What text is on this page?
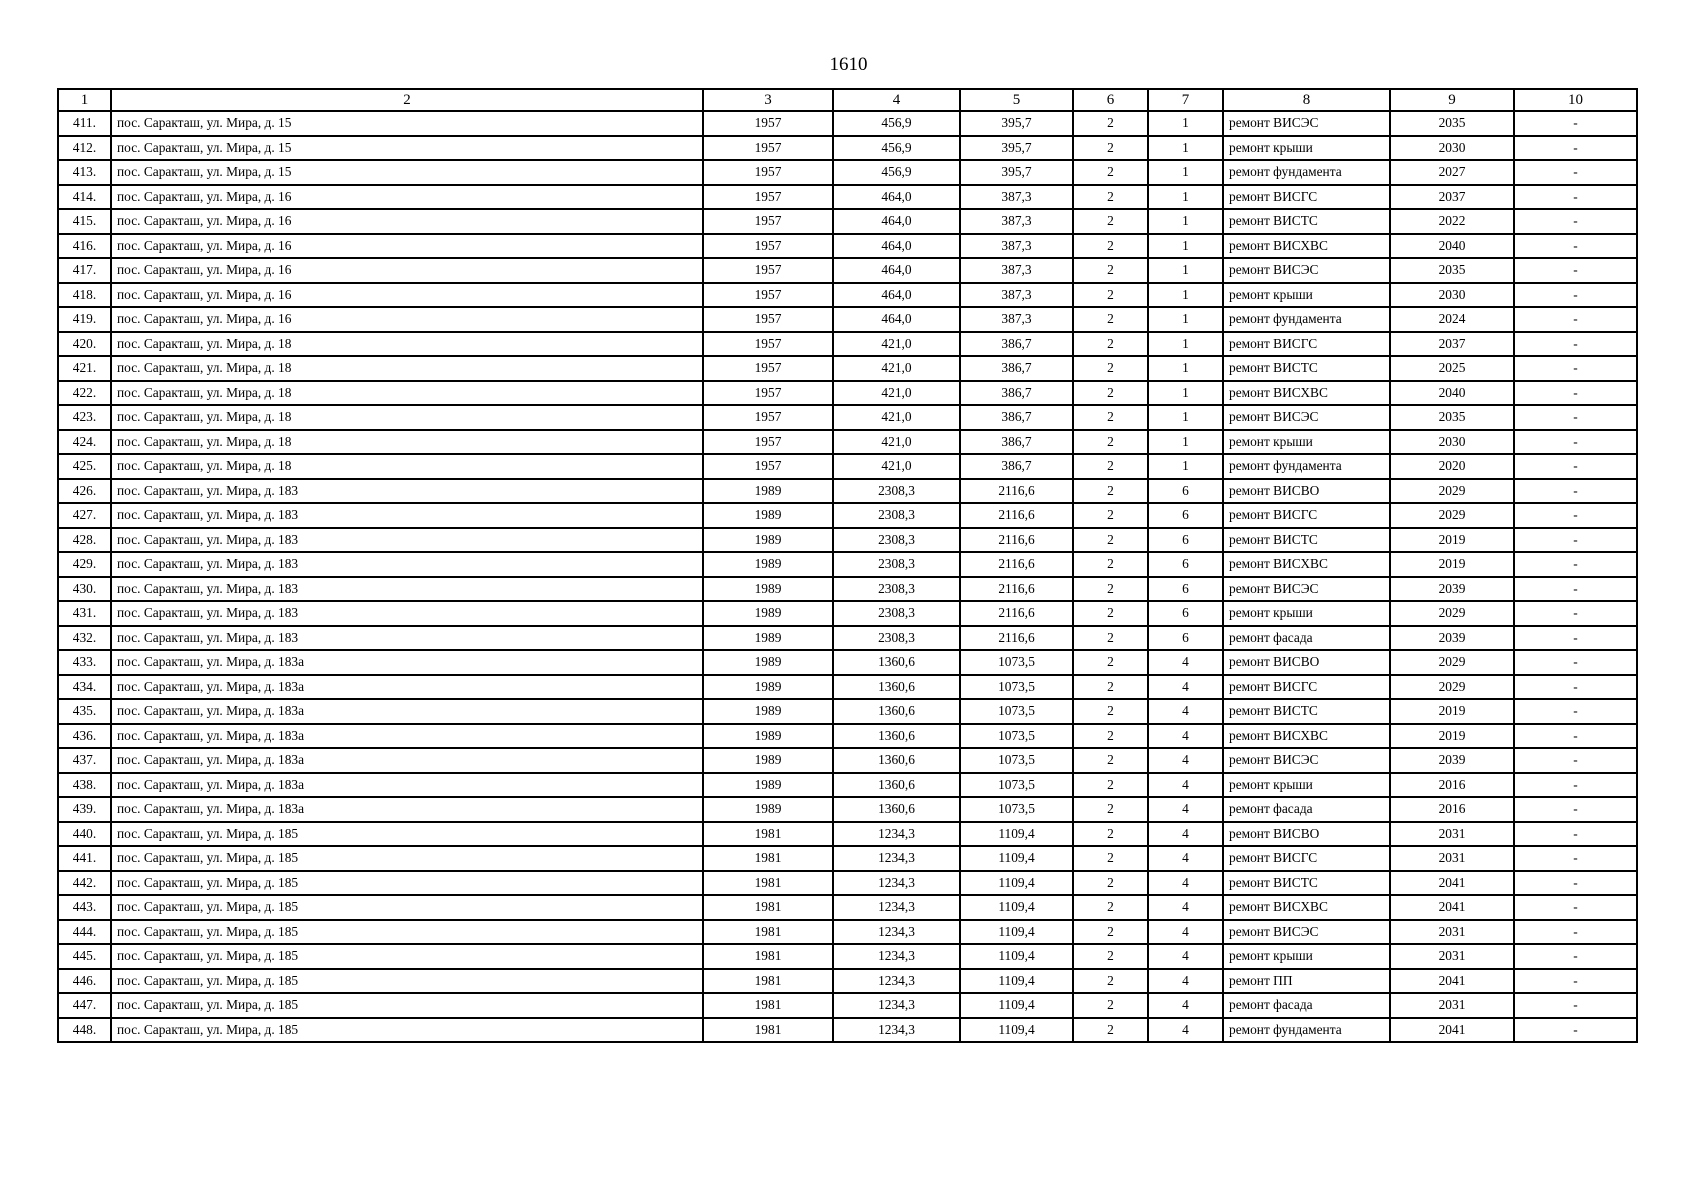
1610
1	2	3	4	5	6	7	8	9	10
411.	пос. Саракташ, ул. Мира, д. 15	1957	456,9	395,7	2	1	ремонт ВИСЭС	2035	-
412.	пос. Саракташ, ул. Мира, д. 15	1957	456,9	395,7	2	1	ремонт крыши	2030	-
413.	пос. Саракташ, ул. Мира, д. 15	1957	456,9	395,7	2	1	ремонт фундамента	2027	-
414.	пос. Саракташ, ул. Мира, д. 16	1957	464,0	387,3	2	1	ремонт ВИСГС	2037	-
415.	пос. Саракташ, ул. Мира, д. 16	1957	464,0	387,3	2	1	ремонт ВИСТС	2022	-
416.	пос. Саракташ, ул. Мира, д. 16	1957	464,0	387,3	2	1	ремонт ВИСХВС	2040	-
417.	пос. Саракташ, ул. Мира, д. 16	1957	464,0	387,3	2	1	ремонт ВИСЭС	2035	-
418.	пос. Саракташ, ул. Мира, д. 16	1957	464,0	387,3	2	1	ремонт крыши	2030	-
419.	пос. Саракташ, ул. Мира, д. 16	1957	464,0	387,3	2	1	ремонт фундамента	2024	-
420.	пос. Саракташ, ул. Мира, д. 18	1957	421,0	386,7	2	1	ремонт ВИСГС	2037	-
421.	пос. Саракташ, ул. Мира, д. 18	1957	421,0	386,7	2	1	ремонт ВИСТС	2025	-
422.	пос. Саракташ, ул. Мира, д. 18	1957	421,0	386,7	2	1	ремонт ВИСХВС	2040	-
423.	пос. Саракташ, ул. Мира, д. 18	1957	421,0	386,7	2	1	ремонт ВИСЭС	2035	-
424.	пос. Саракташ, ул. Мира, д. 18	1957	421,0	386,7	2	1	ремонт крыши	2030	-
425.	пос. Саракташ, ул. Мира, д. 18	1957	421,0	386,7	2	1	ремонт фундамента	2020	-
426.	пос. Саракташ, ул. Мира, д. 183	1989	2308,3	2116,6	2	6	ремонт ВИСВО	2029	-
427.	пос. Саракташ, ул. Мира, д. 183	1989	2308,3	2116,6	2	6	ремонт ВИСГС	2029	-
428.	пос. Саракташ, ул. Мира, д. 183	1989	2308,3	2116,6	2	6	ремонт ВИСТС	2019	-
429.	пос. Саракташ, ул. Мира, д. 183	1989	2308,3	2116,6	2	6	ремонт ВИСХВС	2019	-
430.	пос. Саракташ, ул. Мира, д. 183	1989	2308,3	2116,6	2	6	ремонт ВИСЭС	2039	-
431.	пос. Саракташ, ул. Мира, д. 183	1989	2308,3	2116,6	2	6	ремонт крыши	2029	-
432.	пос. Саракташ, ул. Мира, д. 183	1989	2308,3	2116,6	2	6	ремонт фасада	2039	-
433.	пос. Саракташ, ул. Мира, д. 183а	1989	1360,6	1073,5	2	4	ремонт ВИСВО	2029	-
434.	пос. Саракташ, ул. Мира, д. 183а	1989	1360,6	1073,5	2	4	ремонт ВИСГС	2029	-
435.	пос. Саракташ, ул. Мира, д. 183а	1989	1360,6	1073,5	2	4	ремонт ВИСТС	2019	-
436.	пос. Саракташ, ул. Мира, д. 183а	1989	1360,6	1073,5	2	4	ремонт ВИСХВС	2019	-
437.	пос. Саракташ, ул. Мира, д. 183а	1989	1360,6	1073,5	2	4	ремонт ВИСЭС	2039	-
438.	пос. Саракташ, ул. Мира, д. 183а	1989	1360,6	1073,5	2	4	ремонт крыши	2016	-
439.	пос. Саракташ, ул. Мира, д. 183а	1989	1360,6	1073,5	2	4	ремонт фасада	2016	-
440.	пос. Саракташ, ул. Мира, д. 185	1981	1234,3	1109,4	2	4	ремонт ВИСВО	2031	-
441.	пос. Саракташ, ул. Мира, д. 185	1981	1234,3	1109,4	2	4	ремонт ВИСГС	2031	-
442.	пос. Саракташ, ул. Мира, д. 185	1981	1234,3	1109,4	2	4	ремонт ВИСТС	2041	-
443.	пос. Саракташ, ул. Мира, д. 185	1981	1234,3	1109,4	2	4	ремонт ВИСХВС	2041	-
444.	пос. Саракташ, ул. Мира, д. 185	1981	1234,3	1109,4	2	4	ремонт ВИСЭС	2031	-
445.	пос. Саракташ, ул. Мира, д. 185	1981	1234,3	1109,4	2	4	ремонт крыши	2031	-
446.	пос. Саракташ, ул. Мира, д. 185	1981	1234,3	1109,4	2	4	ремонт ПП	2041	-
447.	пос. Саракташ, ул. Мира, д. 185	1981	1234,3	1109,4	2	4	ремонт фасада	2031	-
448.	пос. Саракташ, ул. Мира, д. 185	1981	1234,3	1109,4	2	4	ремонт фундамента	2041	-
